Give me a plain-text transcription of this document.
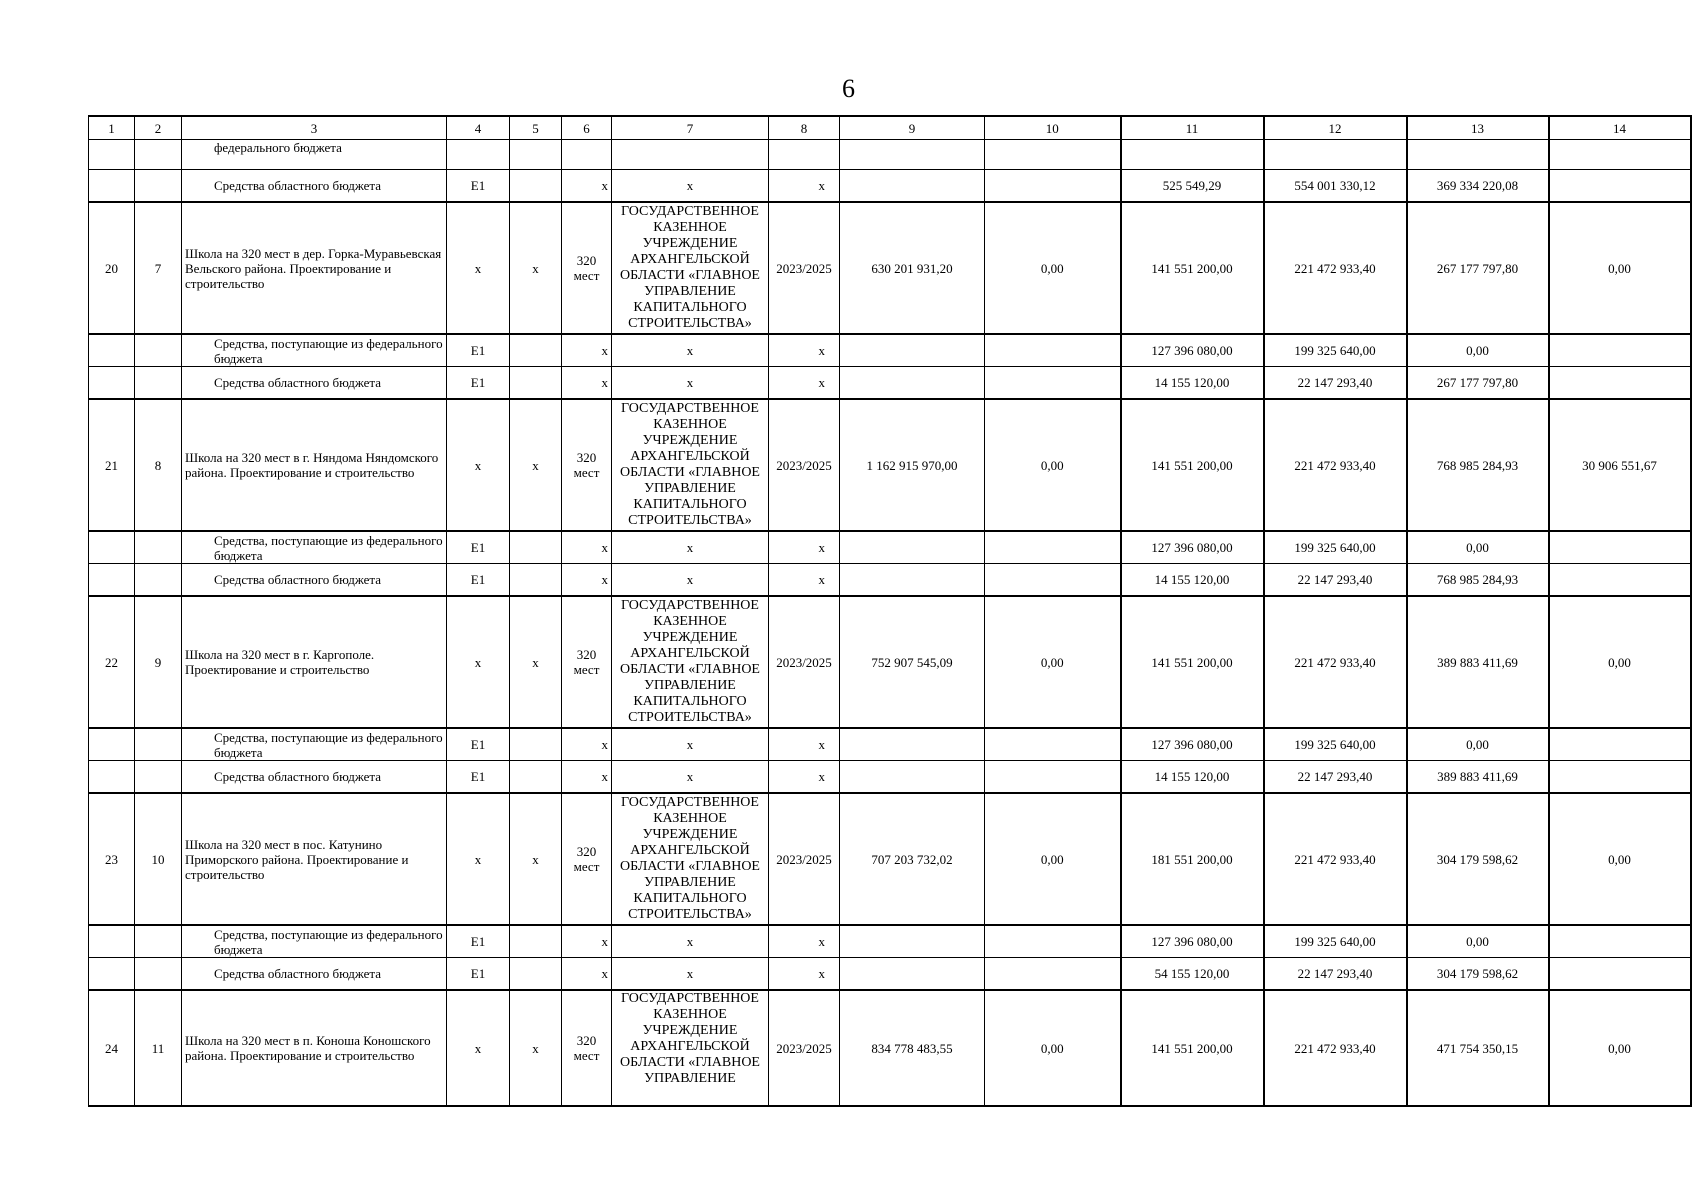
6
1	2	3	4	5	6	7	8	9	10	11	12	13	14
		федерального бюджета											
		Средства областного бюджета	Е1		х	х	х			525 549,29	554 001 330,12	369 334 220,08	
20	7	Школа на 320 мест в дер. Горка-Муравьевская Вельского района. Проектирование и строительство	х	х	320 мест	ГОСУДАРСТВЕННОЕ КАЗЕННОЕ УЧРЕЖДЕНИЕ АРХАНГЕЛЬСКОЙ ОБЛАСТИ «ГЛАВНОЕ УПРАВЛЕНИЕ КАПИТАЛЬНОГО СТРОИТЕЛЬСТВА»	2023/2025	630 201 931,20	0,00	141 551 200,00	221 472 933,40	267 177 797,80	0,00
		Средства, поступающие из федерального бюджета	Е1		х	х	х			127 396 080,00	199 325 640,00	0,00	
		Средства областного бюджета	Е1		х	х	х			14 155 120,00	22 147 293,40	267 177 797,80	
21	8	Школа на 320 мест в г. Няндома Няндомского района. Проектирование и строительство	х	х	320 мест	ГОСУДАРСТВЕННОЕ КАЗЕННОЕ УЧРЕЖДЕНИЕ АРХАНГЕЛЬСКОЙ ОБЛАСТИ «ГЛАВНОЕ УПРАВЛЕНИЕ КАПИТАЛЬНОГО СТРОИТЕЛЬСТВА»	2023/2025	1 162 915 970,00	0,00	141 551 200,00	221 472 933,40	768 985 284,93	30 906 551,67
		Средства, поступающие из федерального бюджета	Е1		х	х	х			127 396 080,00	199 325 640,00	0,00	
		Средства областного бюджета	Е1		х	х	х			14 155 120,00	22 147 293,40	768 985 284,93	
22	9	Школа на 320 мест в г. Каргополе. Проектирование и строительство	х	х	320 мест	ГОСУДАРСТВЕННОЕ КАЗЕННОЕ УЧРЕЖДЕНИЕ АРХАНГЕЛЬСКОЙ ОБЛАСТИ «ГЛАВНОЕ УПРАВЛЕНИЕ КАПИТАЛЬНОГО СТРОИТЕЛЬСТВА»	2023/2025	752 907 545,09	0,00	141 551 200,00	221 472 933,40	389 883 411,69	0,00
		Средства, поступающие из федерального бюджета	Е1		х	х	х			127 396 080,00	199 325 640,00	0,00	
		Средства областного бюджета	Е1		х	х	х			14 155 120,00	22 147 293,40	389 883 411,69	
23	10	Школа на 320 мест в пос. Катунино Приморского района. Проектирование и строительство	х	х	320 мест	ГОСУДАРСТВЕННОЕ КАЗЕННОЕ УЧРЕЖДЕНИЕ АРХАНГЕЛЬСКОЙ ОБЛАСТИ «ГЛАВНОЕ УПРАВЛЕНИЕ КАПИТАЛЬНОГО СТРОИТЕЛЬСТВА»	2023/2025	707 203 732,02	0,00	181 551 200,00	221 472 933,40	304 179 598,62	0,00
		Средства, поступающие из федерального бюджета	Е1		х	х	х			127 396 080,00	199 325 640,00	0,00	
		Средства областного бюджета	Е1		х	х	х			54 155 120,00	22 147 293,40	304 179 598,62	
24	11	Школа на 320 мест в п. Коноша Коношского района. Проектирование и строительство	х	х	320 мест	ГОСУДАРСТВЕННОЕ КАЗЕННОЕ УЧРЕЖДЕНИЕ АРХАНГЕЛЬСКОЙ ОБЛАСТИ «ГЛАВНОЕ УПРАВЛЕНИЕ	2023/2025	834 778 483,55	0,00	141 551 200,00	221 472 933,40	471 754 350,15	0,00
